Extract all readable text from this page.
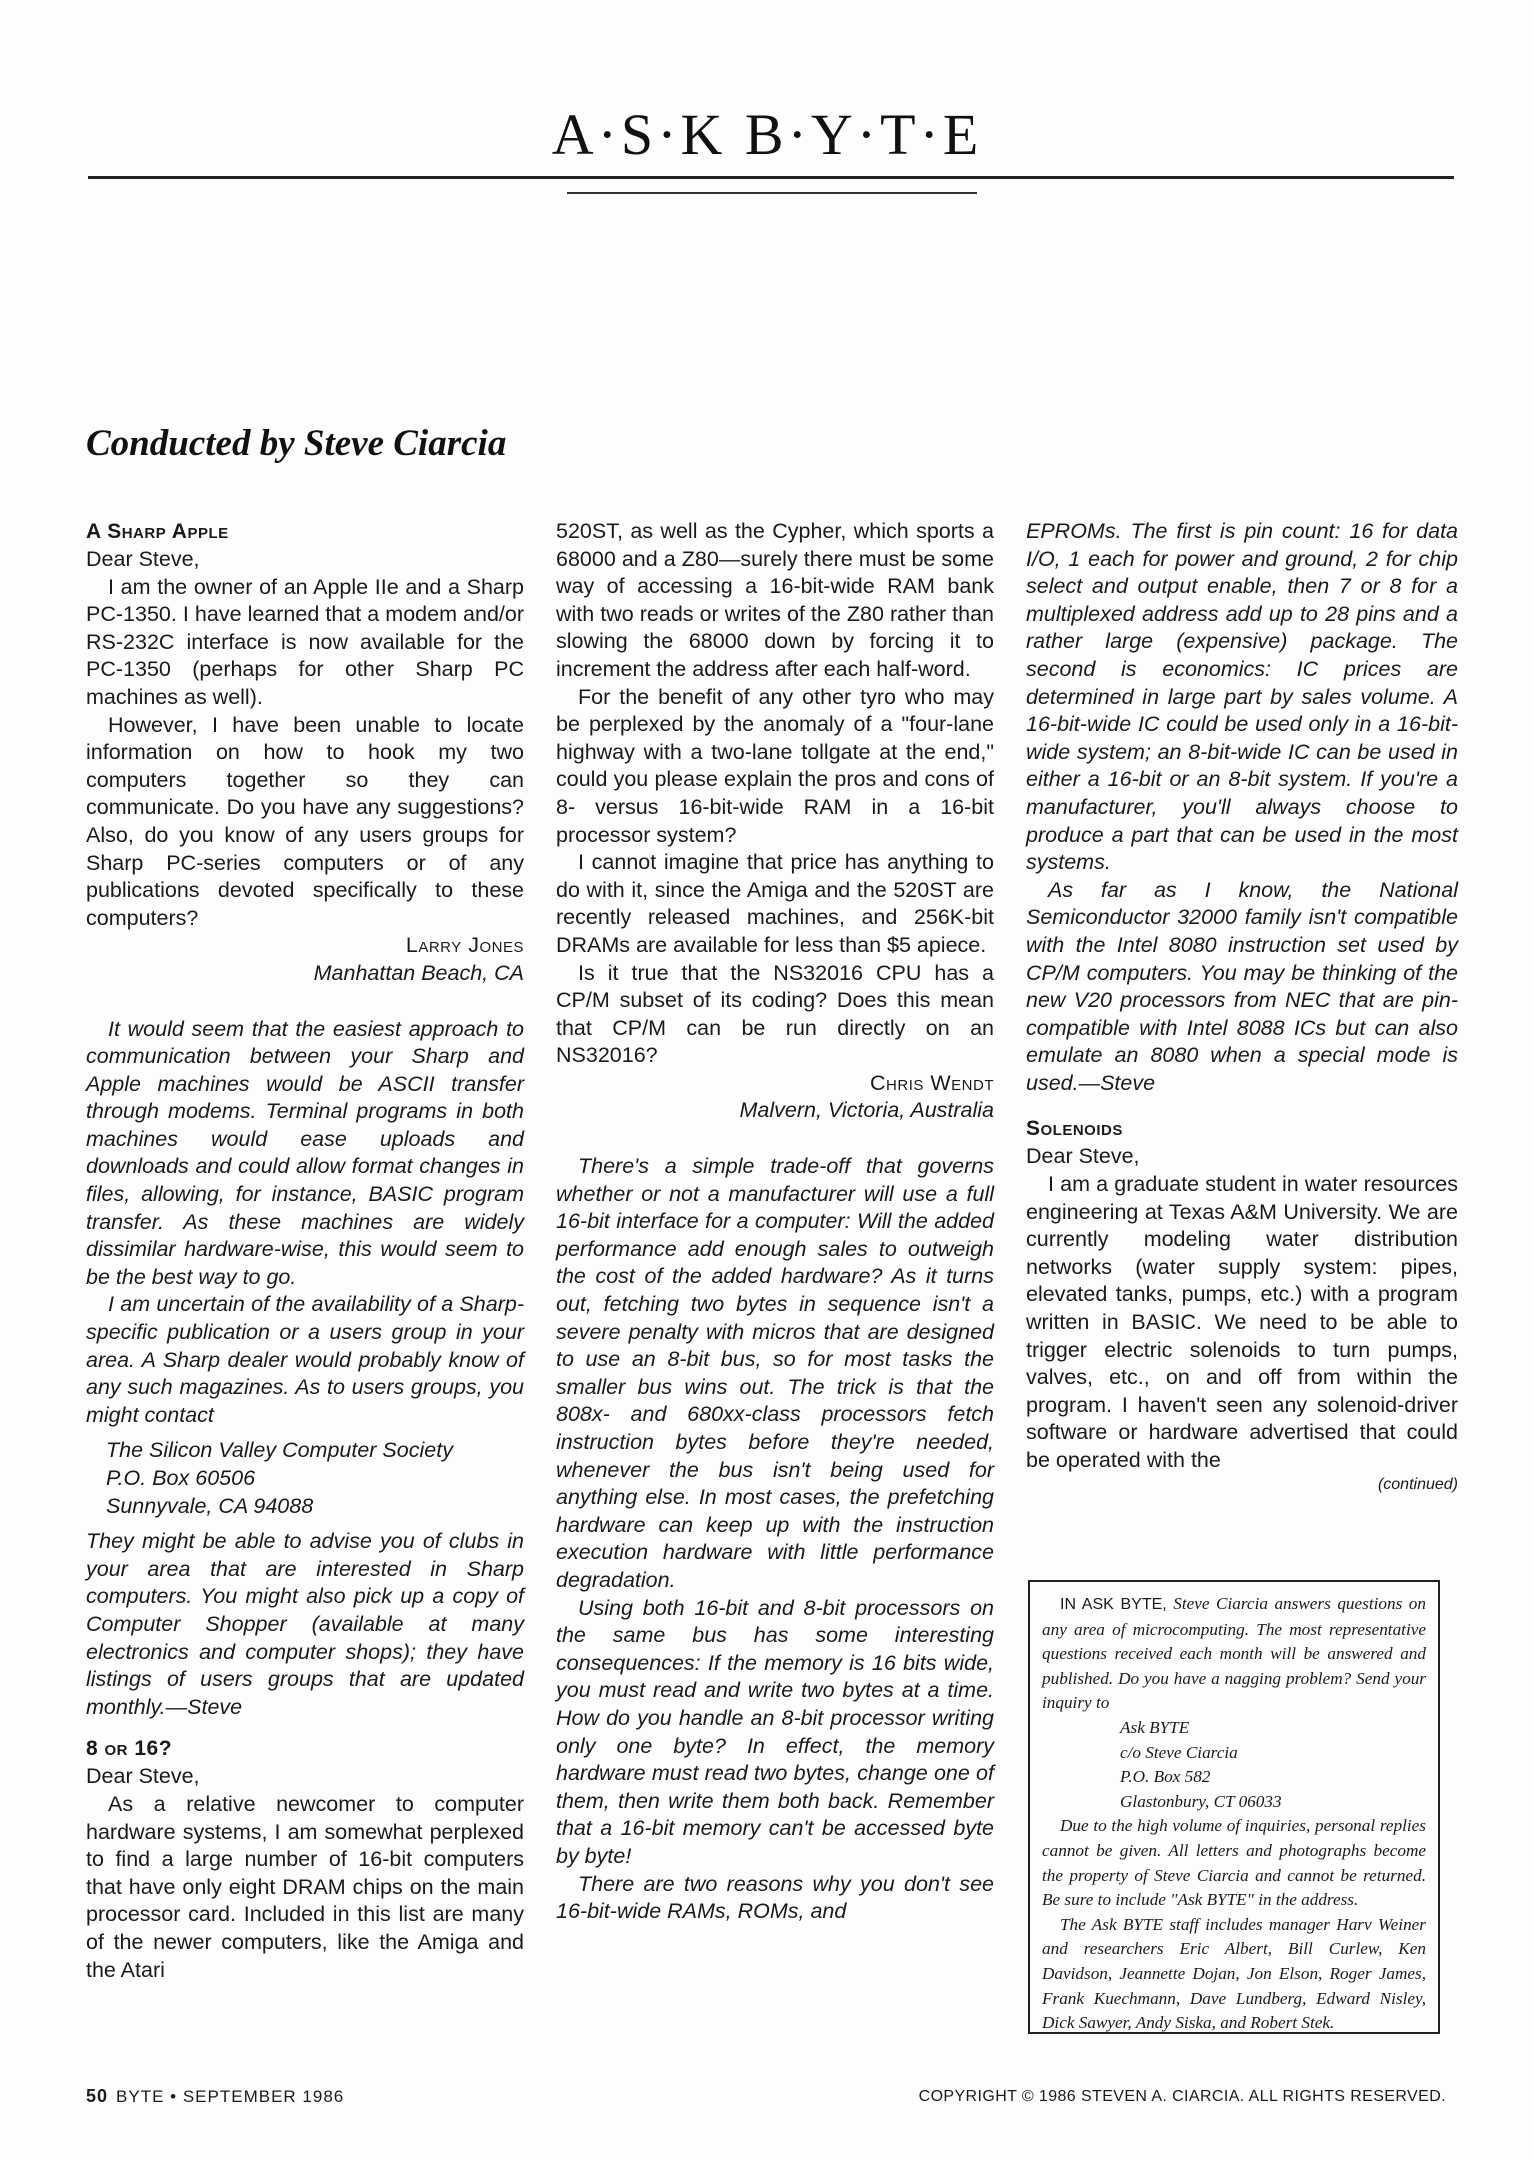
A·S·K B·Y·T·E
Conducted by Steve Ciarcia
A Sharp Apple

Dear Steve,

I am the owner of an Apple IIe and a Sharp PC-1350. I have learned that a modem and/or RS-232C interface is now available for the PC-1350 (perhaps for other Sharp PC machines as well).

However, I have been unable to locate information on how to hook my two computers together so they can communicate. Do you have any suggestions? Also, do you know of any users groups for Sharp PC-series computers or of any publications devoted specifically to these computers?

Larry Jones

Manhattan Beach, CA

It would seem that the easiest approach to communication between your Sharp and Apple machines would be ASCII transfer through modems. Terminal programs in both machines would ease uploads and downloads and could allow format changes in files, allowing, for instance, BASIC program transfer. As these machines are widely dissimilar hardware-wise, this would seem to be the best way to go.

I am uncertain of the availability of a Sharp-specific publication or a users group in your area. A Sharp dealer would probably know of any such magazines. As to users groups, you might contact

The Silicon Valley Computer Society
P.O. Box 60506
Sunnyvale, CA 94088

They might be able to advise you of clubs in your area that are interested in Sharp computers. You might also pick up a copy of Computer Shopper (available at many electronics and computer shops); they have listings of users groups that are updated monthly.—Steve

8 or 16?

Dear Steve,

As a relative newcomer to computer hardware systems, I am somewhat perplexed to find a large number of 16-bit computers that have only eight DRAM chips on the main processor card. Included in this list are many of the newer computers, like the Amiga and the Atari

520ST, as well as the Cypher, which sports a 68000 and a Z80—surely there must be some way of accessing a 16-bit-wide RAM bank with two reads or writes of the Z80 rather than slowing the 68000 down by forcing it to increment the address after each half-word.

For the benefit of any other tyro who may be perplexed by the anomaly of a "four-lane highway with a two-lane tollgate at the end," could you please explain the pros and cons of 8- versus 16-bit-wide RAM in a 16-bit processor system?

I cannot imagine that price has anything to do with it, since the Amiga and the 520ST are recently released machines, and 256K-bit DRAMs are available for less than $5 apiece.

Is it true that the NS32016 CPU has a CP/M subset of its coding? Does this mean that CP/M can be run directly on an NS32016?

Chris Wendt

Malvern, Victoria, Australia

There's a simple trade-off that governs whether or not a manufacturer will use a full 16-bit interface for a computer: Will the added performance add enough sales to outweigh the cost of the added hardware? As it turns out, fetching two bytes in sequence isn't a severe penalty with micros that are designed to use an 8-bit bus, so for most tasks the smaller bus wins out. The trick is that the 808x- and 680xx-class processors fetch instruction bytes before they're needed, whenever the bus isn't being used for anything else. In most cases, the prefetching hardware can keep up with the instruction execution hardware with little performance degradation.

Using both 16-bit and 8-bit processors on the same bus has some interesting consequences: If the memory is 16 bits wide, you must read and write two bytes at a time. How do you handle an 8-bit processor writing only one byte? In effect, the memory hardware must read two bytes, change one of them, then write them both back. Remember that a 16-bit memory can't be accessed byte by byte!

There are two reasons why you don't see 16-bit-wide RAMs, ROMs, and

EPROMs. The first is pin count: 16 for data I/O, 1 each for power and ground, 2 for chip select and output enable, then 7 or 8 for a multiplexed address add up to 28 pins and a rather large (expensive) package. The second is economics: IC prices are determined in large part by sales volume. A 16-bit-wide IC could be used only in a 16-bit-wide system; an 8-bit-wide IC can be used in either a 16-bit or an 8-bit system. If you're a manufacturer, you'll always choose to produce a part that can be used in the most systems.

As far as I know, the National Semiconductor 32000 family isn't compatible with the Intel 8080 instruction set used by CP/M computers. You may be thinking of the new V20 processors from NEC that are pin-compatible with Intel 8088 ICs but can also emulate an 8080 when a special mode is used.—Steve

Solenoids

Dear Steve,

I am a graduate student in water resources engineering at Texas A&M University. We are currently modeling water distribution networks (water supply system: pipes, elevated tanks, pumps, etc.) with a program written in BASIC. We need to be able to trigger electric solenoids to turn pumps, valves, etc., on and off from within the program. I haven't seen any solenoid-driver software or hardware advertised that could be operated with the

(continued)

IN ASK BYTE, Steve Ciarcia answers questions on any area of microcomputing. The most representative questions received each month will be answered and published. Do you have a nagging problem? Send your inquiry to

Ask BYTE
c/o Steve Ciarcia
P.O. Box 582
Glastonbury, CT 06033

Due to the high volume of inquiries, personal replies cannot be given. All letters and photographs become the property of Steve Ciarcia and cannot be returned. Be sure to include "Ask BYTE" in the address.

The Ask BYTE staff includes manager Harv Weiner and researchers Eric Albert, Bill Curlew, Ken Davidson, Jeannette Dojan, Jon Elson, Roger James, Frank Kuechmann, Dave Lundberg, Edward Nisley, Dick Sawyer, Andy Siska, and Robert Stek.

50 BYTE • SEPTEMBER 1986	COPYRIGHT © 1986 STEVEN A. CIARCIA. ALL RIGHTS RESERVED.
